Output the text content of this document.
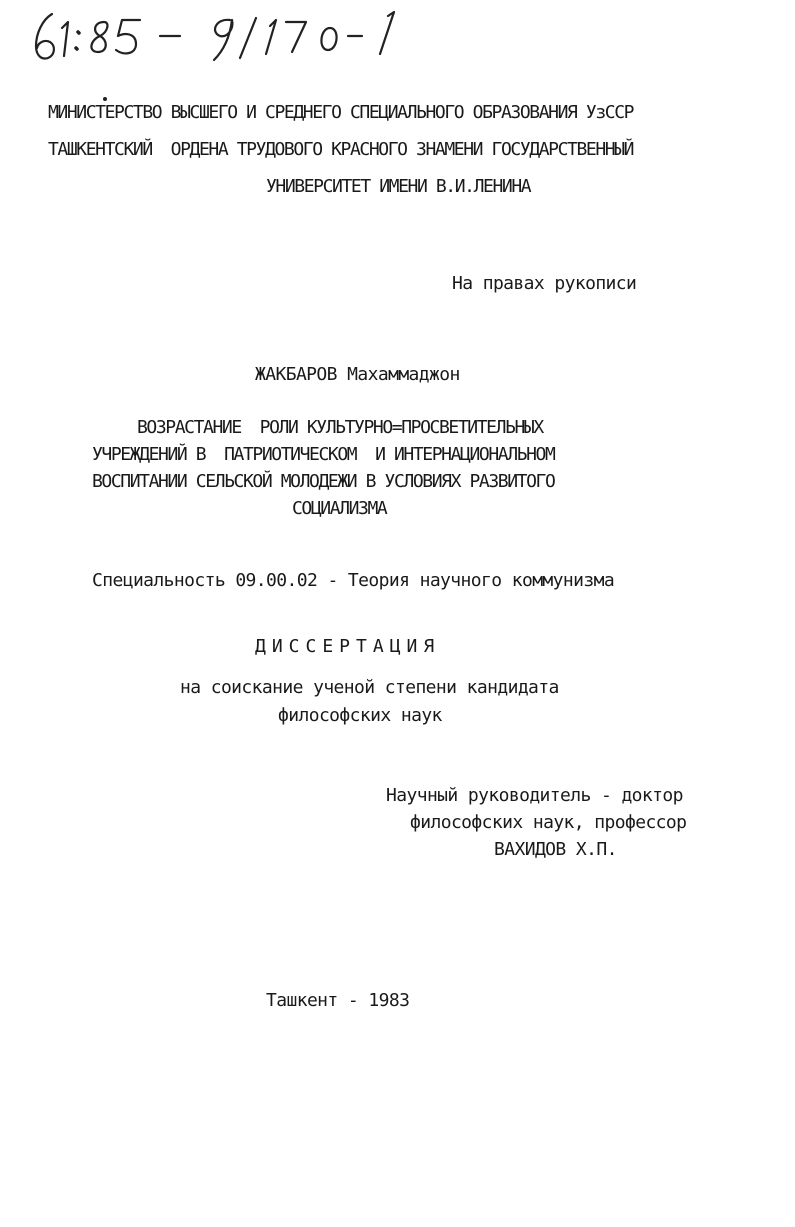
МИНИСТЕРСТВО ВЫСШЕГО И СРЕДНЕГО СПЕЦИАЛЬНОГО ОБРАЗОВАНИЯ УзССР
ТАШКЕНТСКИЙ  ОРДЕНА ТРУДОВОГО КРАСНОГО ЗНАМЕНИ ГОСУДАРСТВЕННЫЙ
УНИВЕРСИТЕТ ИМЕНИ В.И.ЛЕНИНА
На правах рукописи
ЖАКБАРОВ Махаммаджон
ВОЗРАСТАНИЕ  РОЛИ КУЛЬТУРНО=ПРОСВЕТИТЕЛЬНЫХ
УЧРЕЖДЕНИЙ В  ПАТРИОТИЧЕСКОМ  И ИНТЕРНАЦИОНАЛЬНОМ
ВОСПИТАНИИ СЕЛЬСКОЙ МОЛОДЕЖИ В УСЛОВИЯХ РАЗВИТОГО
СОЦИАЛИЗМА
Специальность 09.00.02 - Теория научного коммунизма
ДИССЕРТАЦИЯ
на соискание ученой степени кандидата
философских наук
Научный руководитель - доктор
философских наук, профессор
ВАХИДОВ Х.П.
Ташкент - 1983
